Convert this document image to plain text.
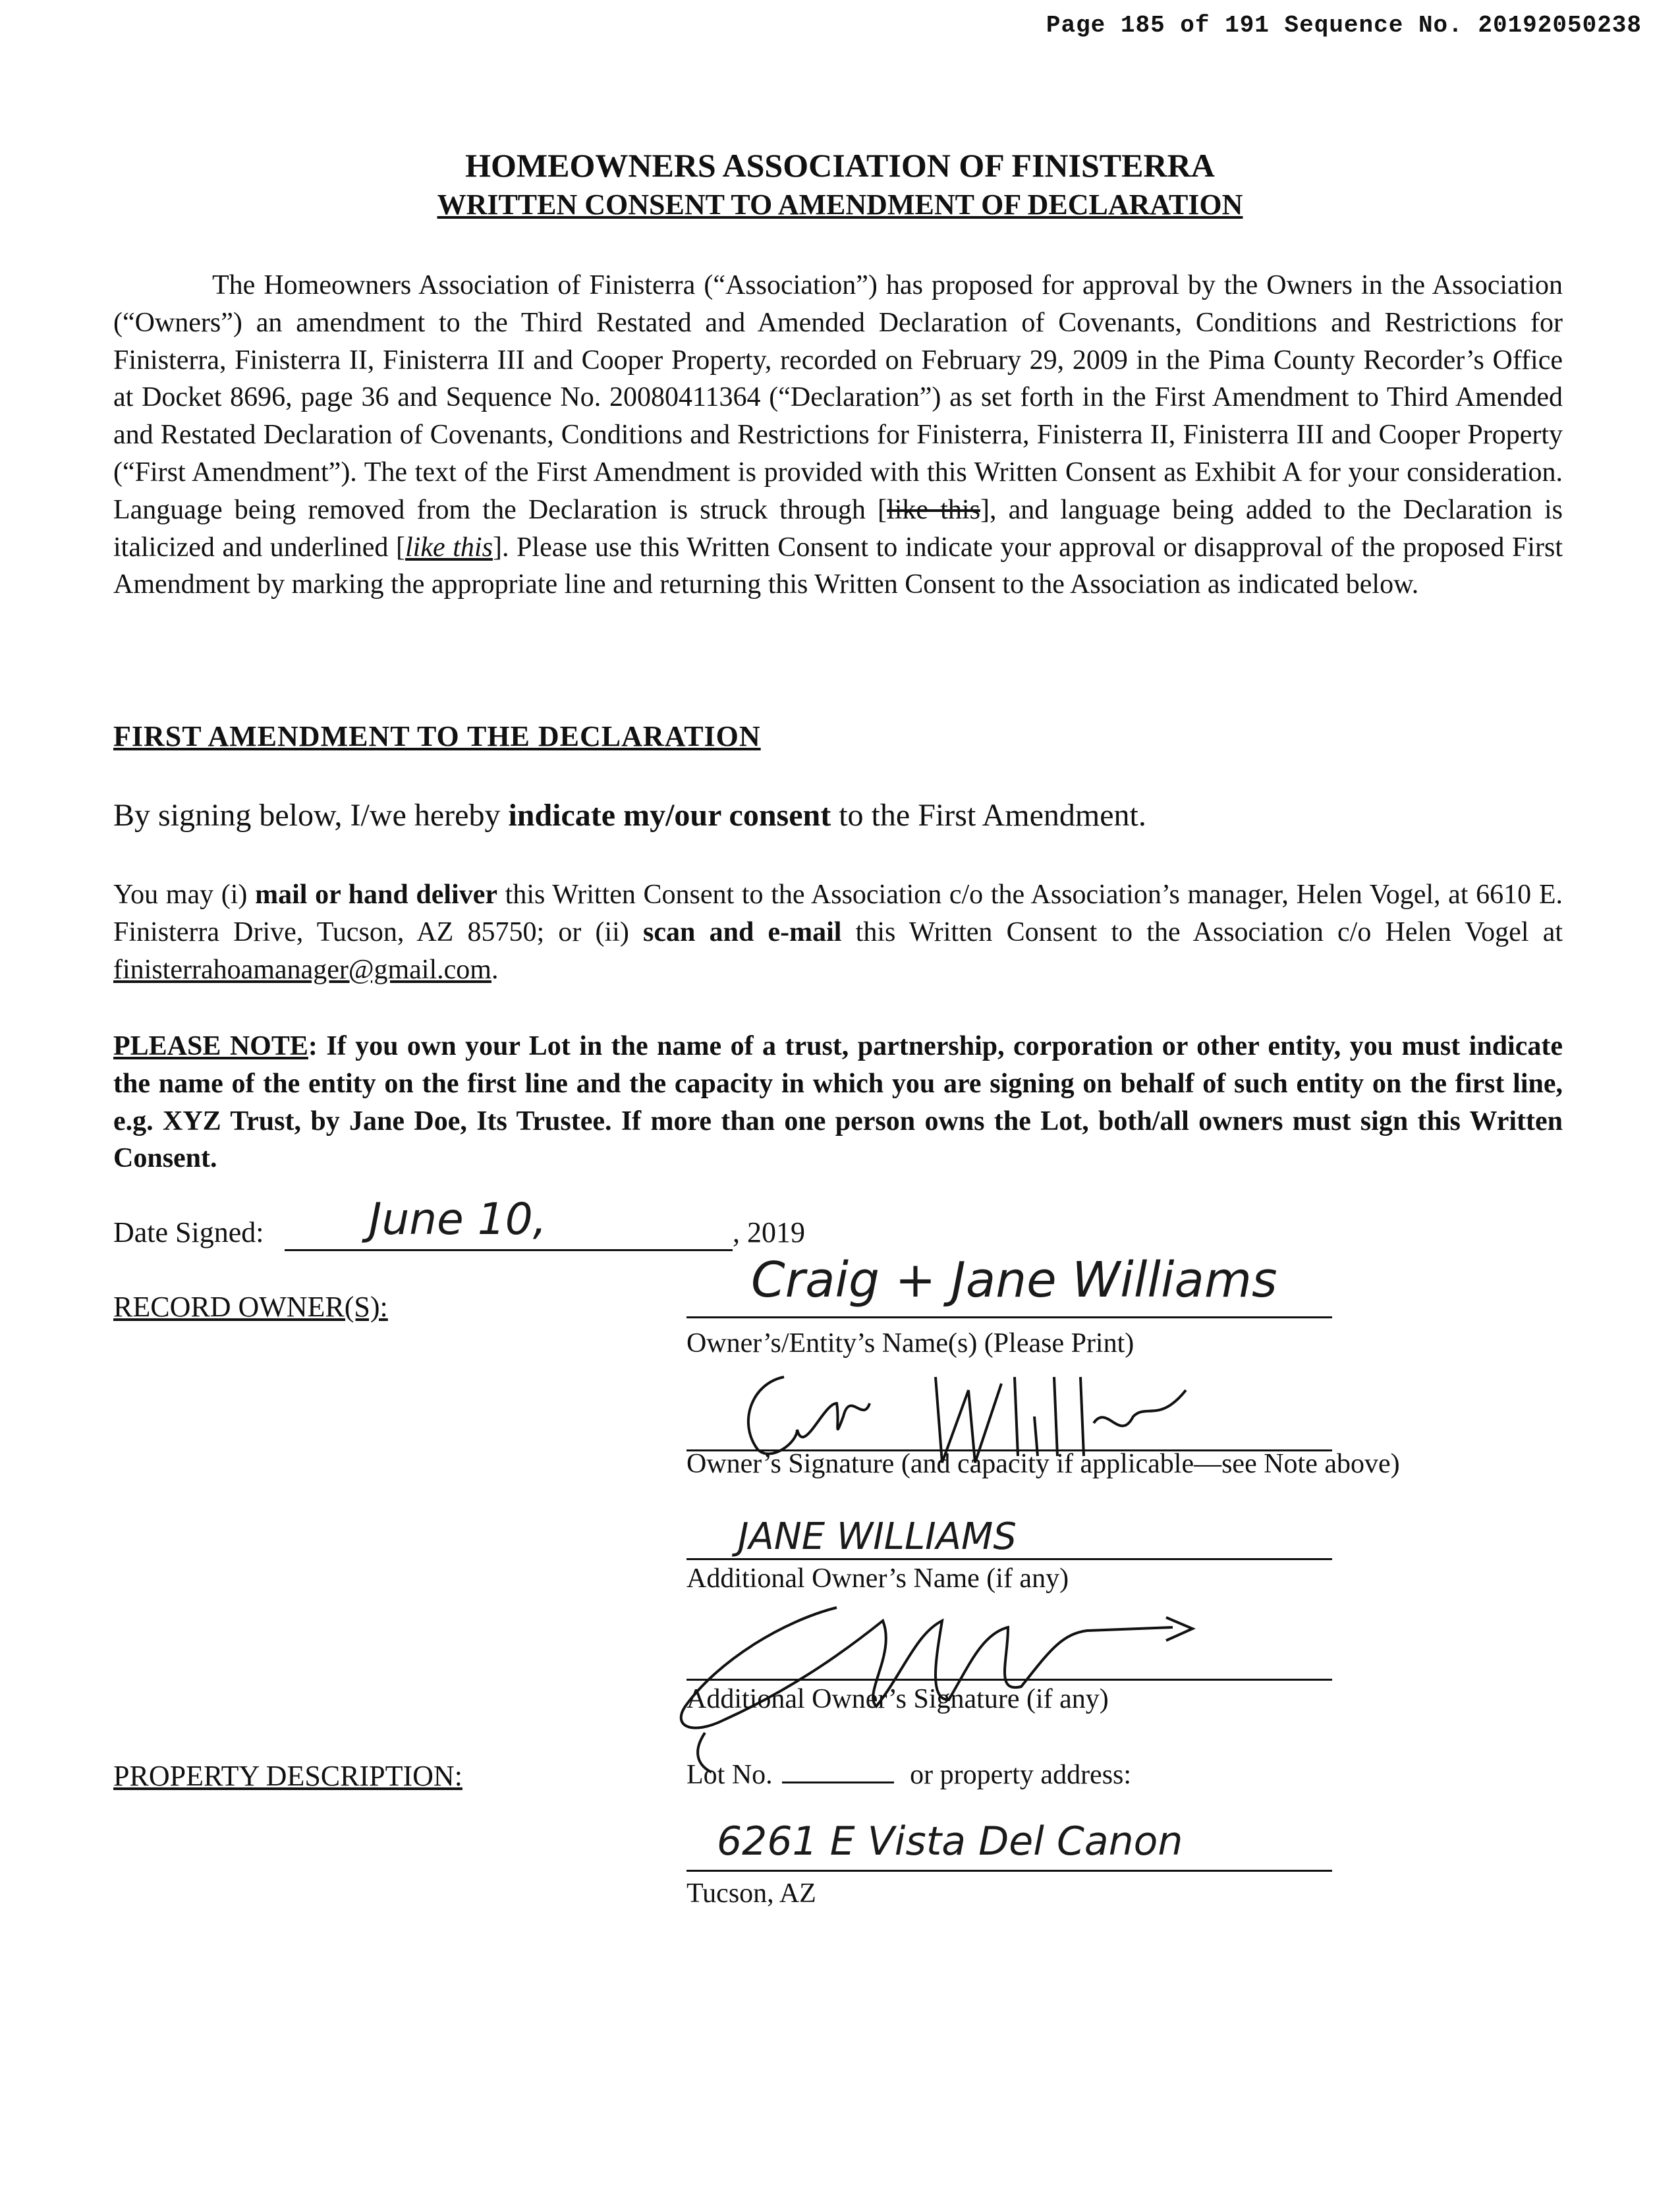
Page 185 of 191 Sequence No. 20192050238
HOMEOWNERS ASSOCIATION OF FINISTERRA
WRITTEN CONSENT TO AMENDMENT OF DECLARATION

The Homeowners Association of Finisterra (“Association”) has proposed for approval by the Owners in the Association (“Owners”) an amendment to the Third Restated and Amended Declaration of Covenants, Conditions and Restrictions for Finisterra, Finisterra II, Finisterra III and Cooper Property, recorded on February 29, 2009 in the Pima County Recorder’s Office at Docket 8696, page 36 and Sequence No. 20080411364 (“Declaration”) as set forth in the First Amendment to Third Amended and Restated Declaration of Covenants, Conditions and Restrictions for Finisterra, Finisterra II, Finisterra III and Cooper Property (“First Amendment”). The text of the First Amendment is provided with this Written Consent as Exhibit A for your consideration. Language being removed from the Declaration is struck through [like this], and language being added to the Declaration is italicized and underlined [like this]. Please use this Written Consent to indicate your approval or disapproval of the proposed First Amendment by marking the appropriate line and returning this Written Consent to the Association as indicated below.

FIRST AMENDMENT TO THE DECLARATION
By signing below, I/we hereby indicate my/our consent to the First Amendment.

You may (i) mail or hand deliver this Written Consent to the Association c/o the Association’s manager, Helen Vogel, at 6610 E. Finisterra Drive, Tucson, AZ 85750; or (ii) scan and e-mail this Written Consent to the Association c/o Helen Vogel at finisterrahoamanager@gmail.com.

PLEASE NOTE: If you own your Lot in the name of a trust, partnership, corporation or other entity, you must indicate the name of the entity on the first line and the capacity in which you are signing on behalf of such entity on the first line, e.g. XYZ Trust, by Jane Doe, Its Trustee. If more than one person owns the Lot, both/all owners must sign this Written Consent.

Date Signed: June 10,	, 2019
RECORD OWNER(S):	Craig + Jane Williams
Owner’s/Entity’s Name(s) (Please Print)
Owner’s Signature (and capacity if applicable—see Note above)
JANE WILLIAMS
Additional Owner’s Name (if any)
Additional Owner’s Signature (if any)
PROPERTY DESCRIPTION:	Lot No.	or property address:
6261 E Vista Del Canon
Tucson, AZ
